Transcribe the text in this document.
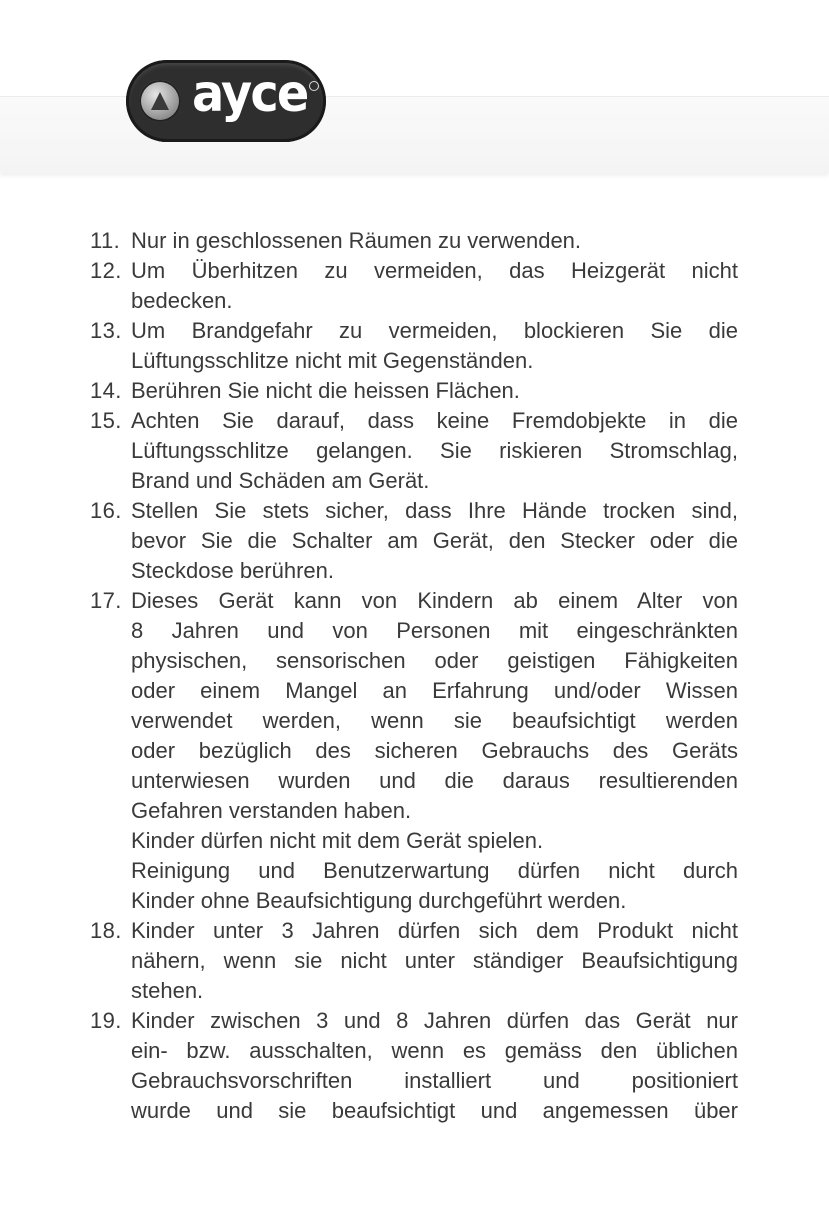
ayce
11. Nur in geschlossenen Räumen zu verwenden.
12. Um Überhitzen zu vermeiden, das Heizgerät nicht
bedecken.
13. Um Brandgefahr zu vermeiden, blockieren Sie die
Lüftungsschlitze nicht mit Gegenständen.
14. Berühren Sie nicht die heissen Flächen.
15. Achten Sie darauf, dass keine Fremdobjekte in die
Lüftungsschlitze gelangen. Sie riskieren Stromschlag,
Brand und Schäden am Gerät.
16. Stellen Sie stets sicher, dass Ihre Hände trocken sind,
bevor Sie die Schalter am Gerät, den Stecker oder die
Steckdose berühren.
17. Dieses Gerät kann von Kindern ab einem Alter von
8 Jahren und von Personen mit eingeschränkten
physischen, sensorischen oder geistigen Fähigkeiten
oder einem Mangel an Erfahrung und/oder Wissen
verwendet werden, wenn sie beaufsichtigt werden
oder bezüglich des sicheren Gebrauchs des Geräts
unterwiesen wurden und die daraus resultierenden
Gefahren verstanden haben.
Kinder dürfen nicht mit dem Gerät spielen.
Reinigung und Benutzerwartung dürfen nicht durch
Kinder ohne Beaufsichtigung durchgeführt werden.
18. Kinder unter 3 Jahren dürfen sich dem Produkt nicht
nähern, wenn sie nicht unter ständiger Beaufsichtigung
stehen.
19. Kinder zwischen 3 und 8 Jahren dürfen das Gerät nur
ein- bzw. ausschalten, wenn es gemäss den üblichen
Gebrauchsvorschriften installiert und positioniert
wurde und sie beaufsichtigt und angemessen über
